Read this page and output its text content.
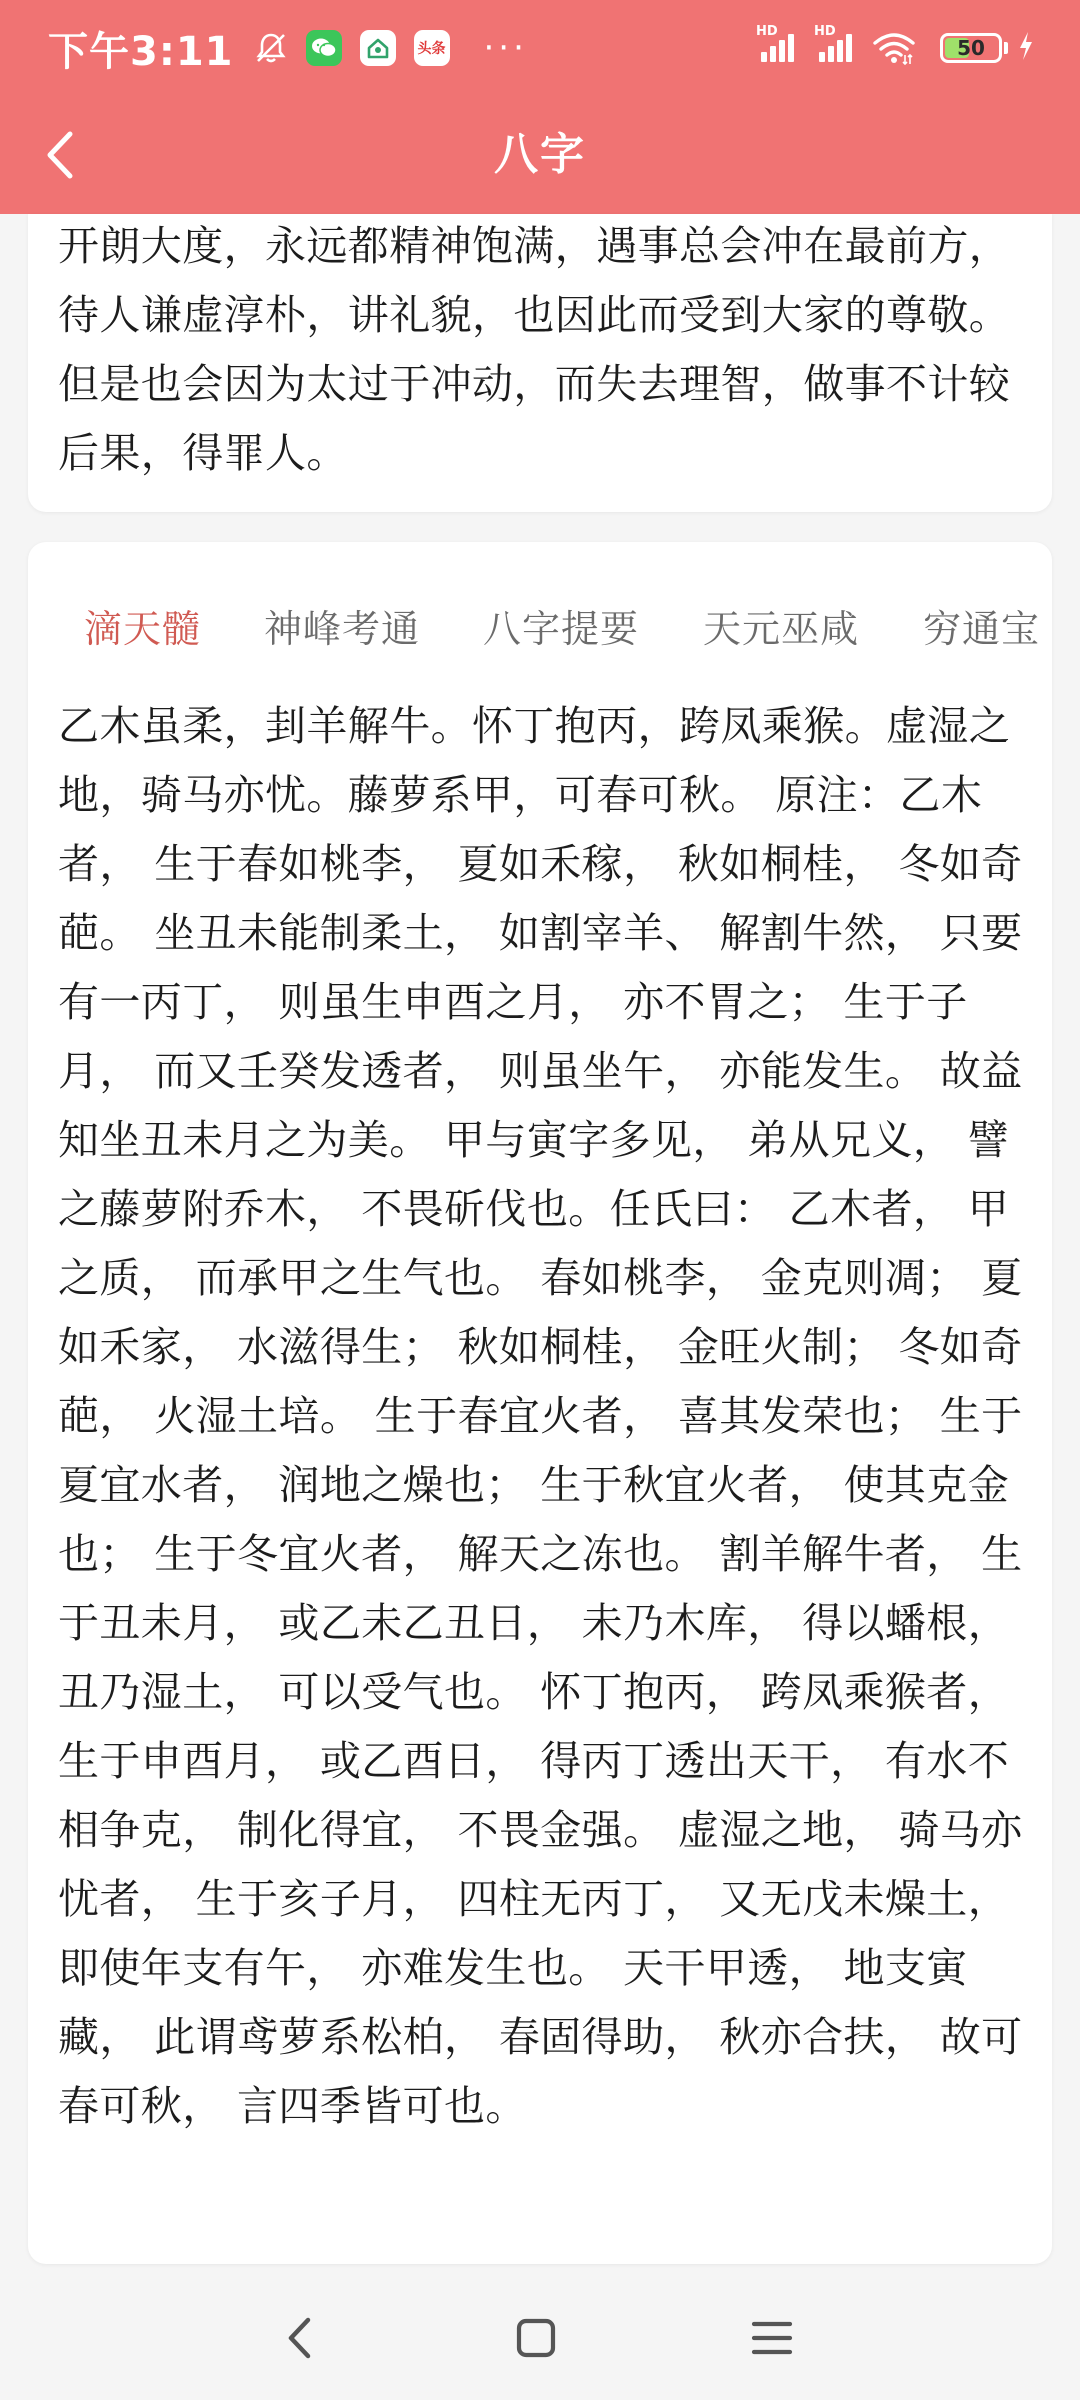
下午3:11	头条 ···	HD	HD
50
八字

开朗大度，永远都精神饱满，遇事总会冲在最前方，待人谦虚淳朴，讲礼貌，也因此而受到大家的尊敬。但是也会因为太过于冲动，而失去理智，做事不计较后果，得罪人。

滴天髓 神峰考通 八字提要 天元巫咸 穷通宝

乙木虽柔，刲羊解牛。怀丁抱丙，跨凤乘猴。虚湿之地，骑马亦忧。藤萝系甲，可春可秋。 原注：乙木者， 生于春如桃李， 夏如禾稼， 秋如桐桂， 冬如奇葩。 坐丑未能制柔土， 如割宰羊、 解割牛然， 只要有一丙丁， 则虽生申酉之月， 亦不胃之； 生于子月， 而又壬癸发透者， 则虽坐午， 亦能发生。 故益知坐丑未月之为美。 甲与寅字多见， 弟从兄义， 譬之藤萝附乔木， 不畏斫伐也。任氏曰： 乙木者， 甲之质， 而承甲之生气也。 春如桃李， 金克则凋； 夏如禾家， 水滋得生； 秋如桐桂， 金旺火制； 冬如奇葩， 火湿土培。 生于春宜火者， 喜其发荣也； 生于夏宜水者， 润地之燥也； 生于秋宜火者， 使其克金也； 生于冬宜火者， 解天之冻也。 割羊解牛者， 生于丑未月， 或乙未乙丑日， 未乃木库， 得以蟠根， 丑乃湿土， 可以受气也。 怀丁抱丙， 跨凤乘猴者， 生于申酉月， 或乙酉日， 得丙丁透出天干， 有水不相争克， 制化得宜， 不畏金强。 虚湿之地， 骑马亦忧者， 生于亥子月， 四柱无丙丁， 又无戊未燥土， 即使年支有午， 亦难发生也。 天干甲透， 地支寅藏， 此谓鸢萝系松柏， 春固得助， 秋亦合扶， 故可春可秋， 言四季皆可也。
